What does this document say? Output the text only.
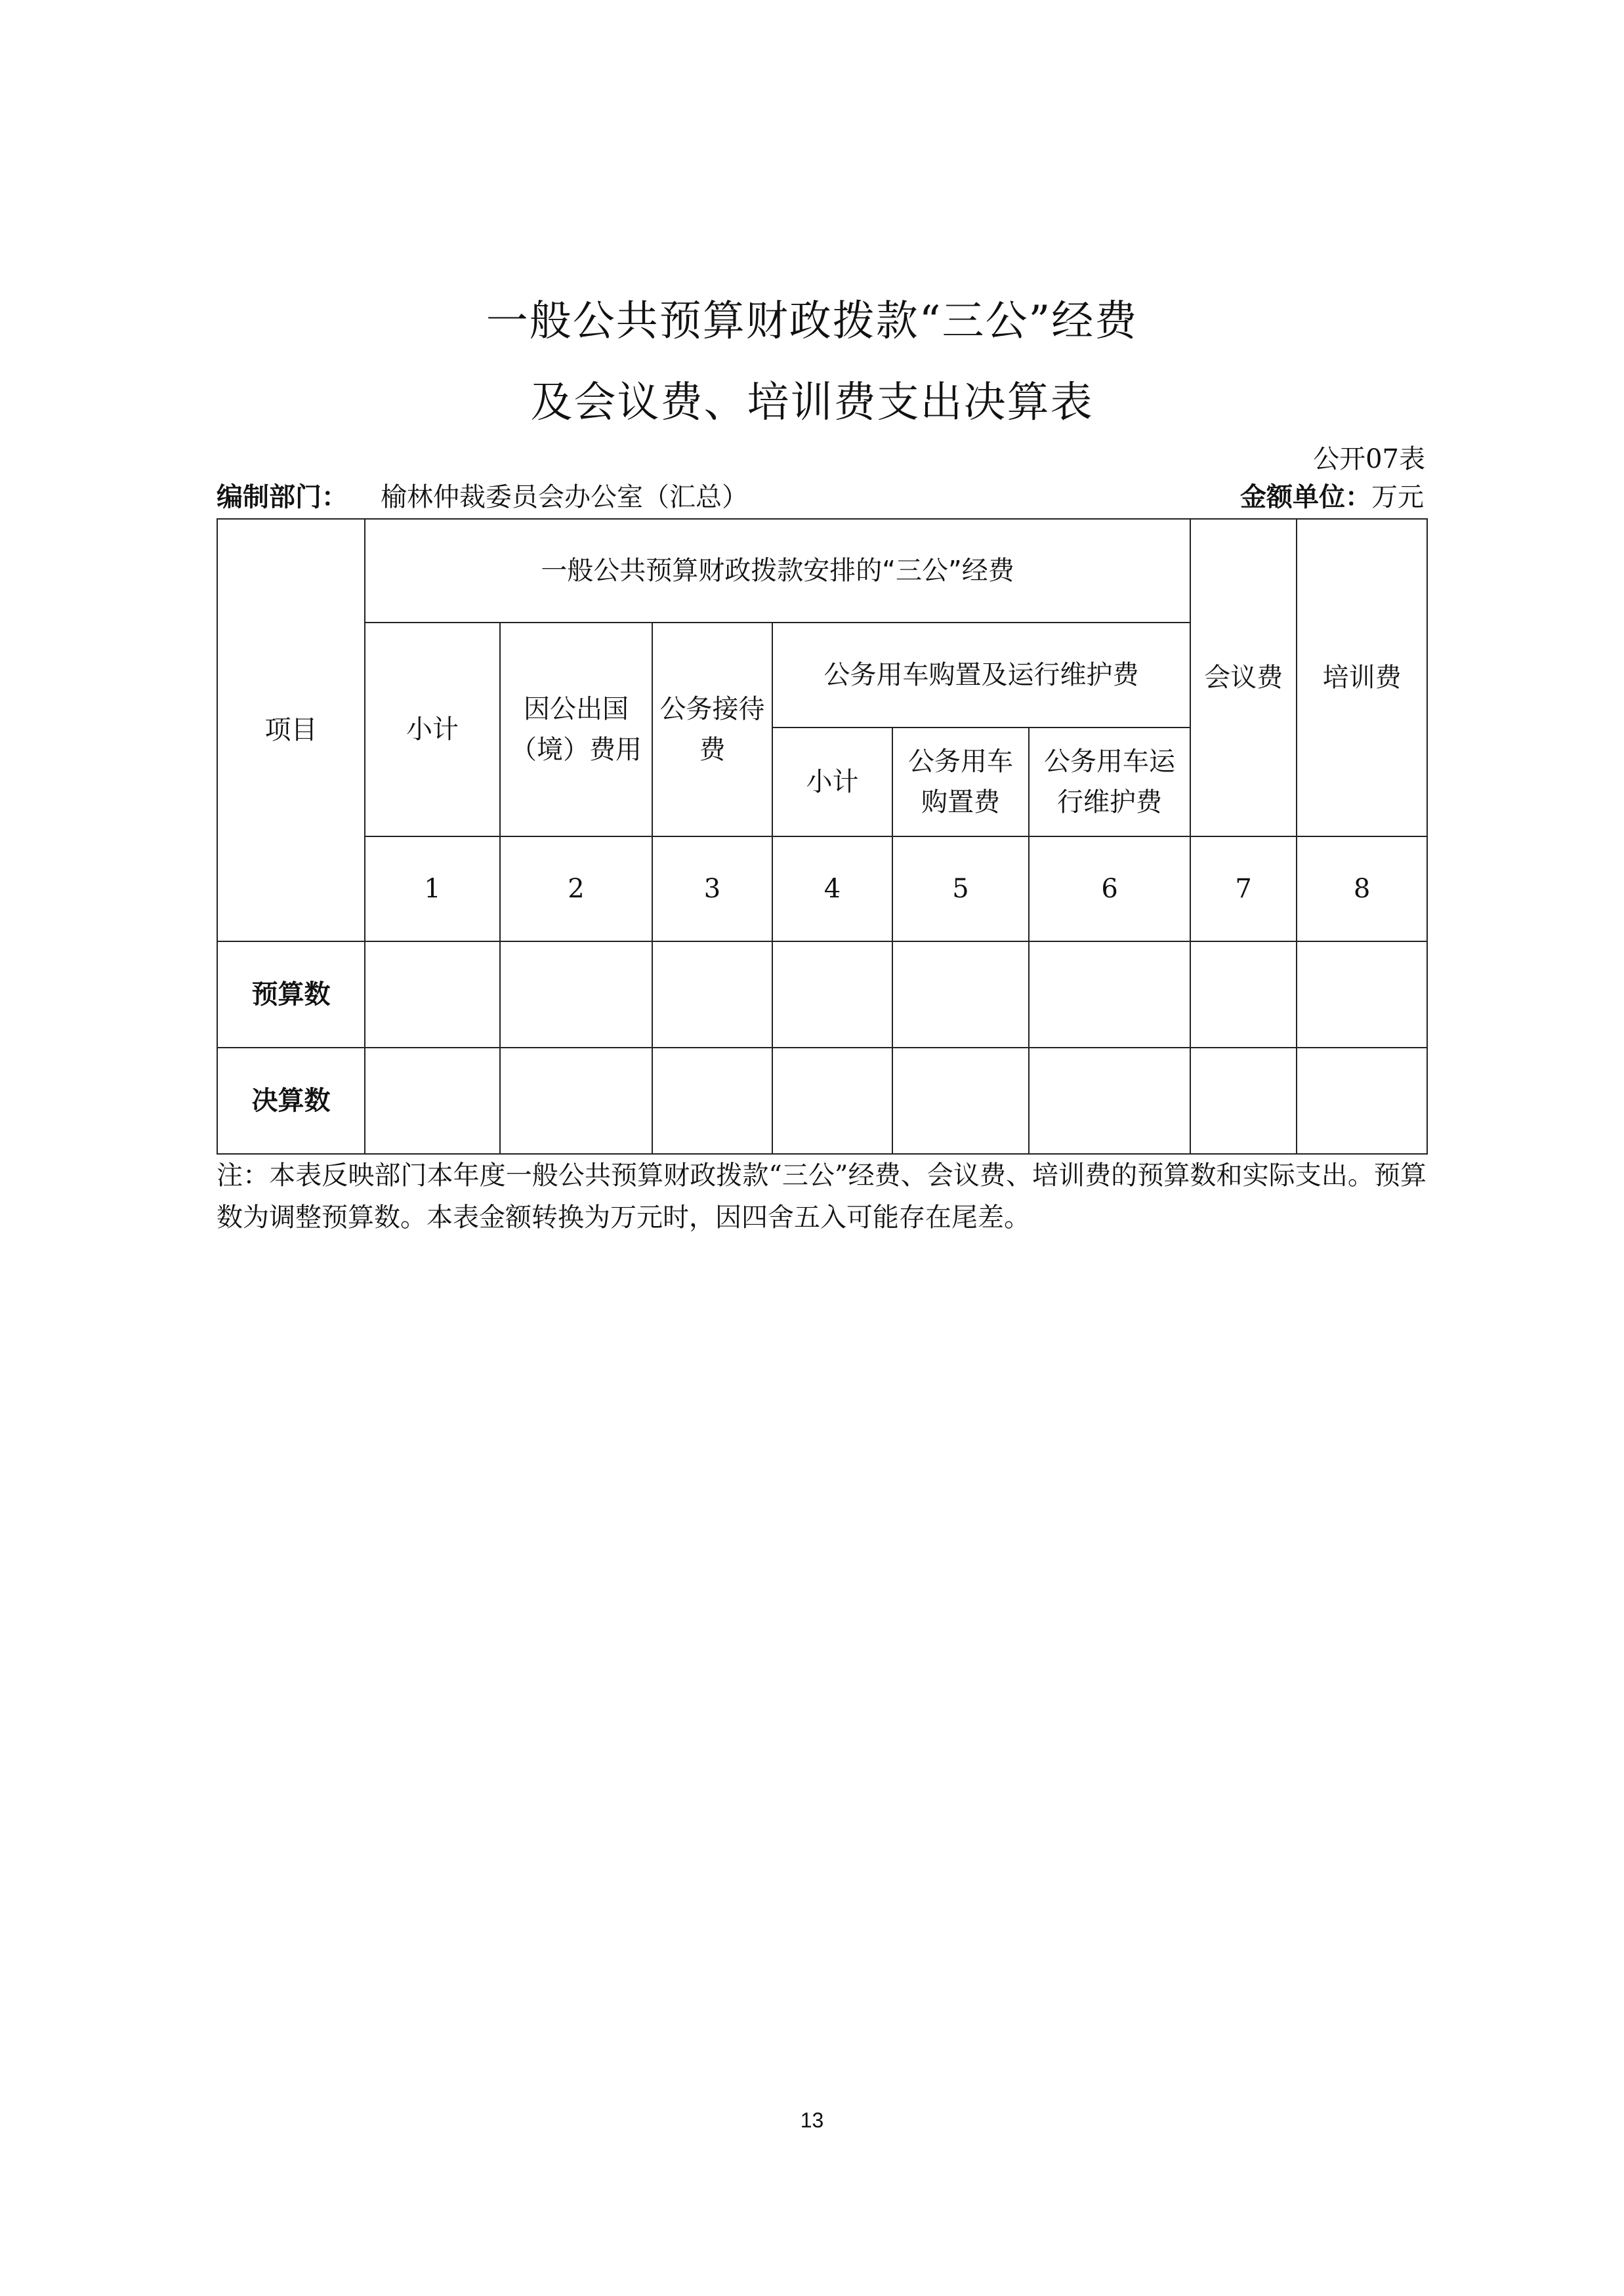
一般公共预算财政拨款“三公”经费
及会议费、培训费支出决算表
公开07表
编制部门： 榆林仲裁委员会办公室（汇总）	金额单位：万元
项目	一般公共预算财政拨款安排的“三公”经费						会议费	培训费
	小计	因公出国（境）费用	公务接待费	公务用车购置及运行维护费				
				小计	公务用车购置费	公务用车运行维护费		
	1	2	3	4	5	6	7	8
预算数								
决算数								
注：本表反映部门本年度一般公共预算财政拨款“三公”经费、会议费、培训费的预算数和实际支出。预算数为调整预算数。本表金额转换为万元时，因四舍五入可能存在尾差。
13
